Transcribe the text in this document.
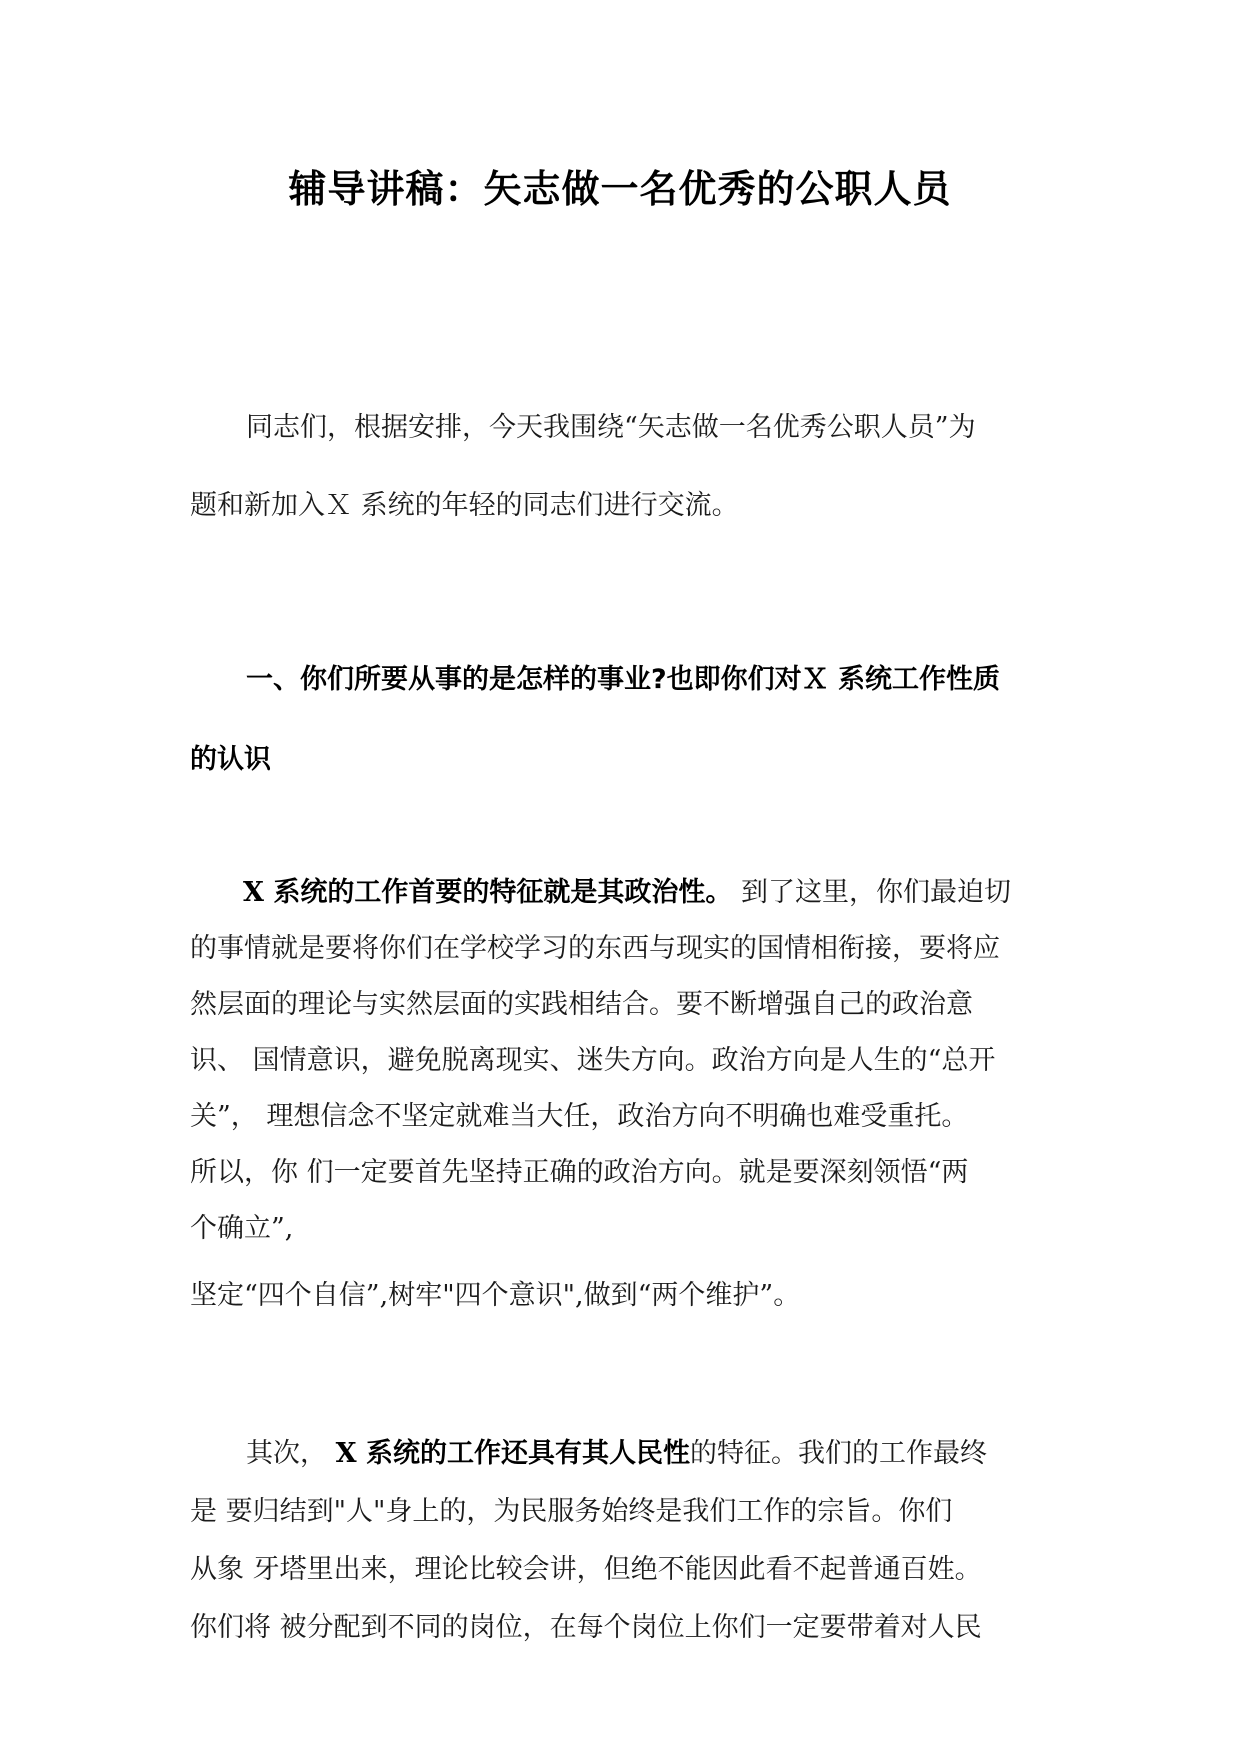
辅导讲稿：矢志做一名优秀的公职人员
同志们，根据安排，今天我围绕“矢志做一名优秀公职人员”为
题和新加入Ｘ 系统的年轻的同志们进行交流。
一、你们所要从事的是怎样的事业?也即你们对Ｘ 系统工作性质
的认识
X 系统的工作首要的特征就是其政治性。 到了这里，你们最迫切
的事情就是要将你们在学校学习的东西与现实的国情相衔接，要将应
然层面的理论与实然层面的实践相结合。要不断增强自己的政治意
识、 国情意识，避免脱离现实、迷失方向。政治方向是人生的“总开
关”， 理想信念不坚定就难当大任，政治方向不明确也难受重托。
所以，你 们一定要首先坚持正确的政治方向。就是要深刻领悟“两
个确立”,
坚定“四个自信”,树牢"四个意识",做到“两个维护”。
其次， X 系统的工作还具有其人民性的特征。我们的工作最终
是 要归结到"人"身上的，为民服务始终是我们工作的宗旨。你们
从象 牙塔里出来，理论比较会讲，但绝不能因此看不起普通百姓。
你们将 被分配到不同的岗位，在每个岗位上你们一定要带着对人民
